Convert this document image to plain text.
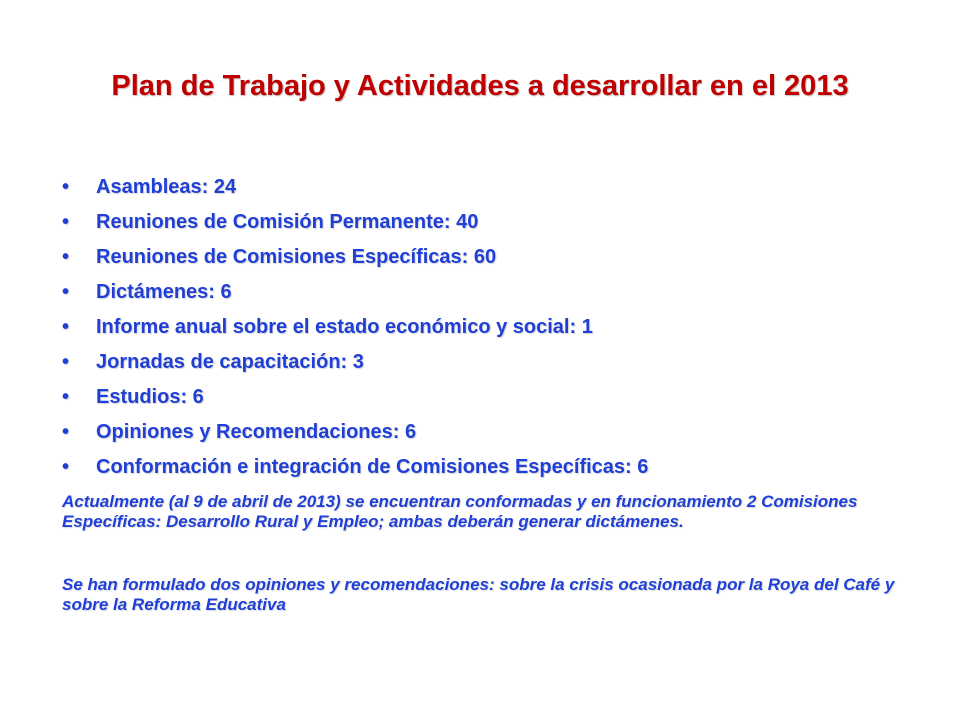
Plan de Trabajo y Actividades a desarrollar en el 2013
• Asambleas: 24
• Reuniones de Comisión Permanente: 40
• Reuniones de Comisiones Específicas: 60
• Dictámenes: 6
• Informe anual sobre el estado económico y social: 1
• Jornadas de capacitación: 3
• Estudios: 6
• Opiniones y Recomendaciones: 6
• Conformación e integración de Comisiones Específicas: 6
Actualmente (al 9 de abril de 2013) se encuentran conformadas y en funcionamiento 2 Comisiones Específicas: Desarrollo Rural y Empleo; ambas deberán generar dictámenes.
Se han formulado dos opiniones y recomendaciones: sobre la crisis ocasionada por la Roya del Café y sobre la Reforma Educativa
